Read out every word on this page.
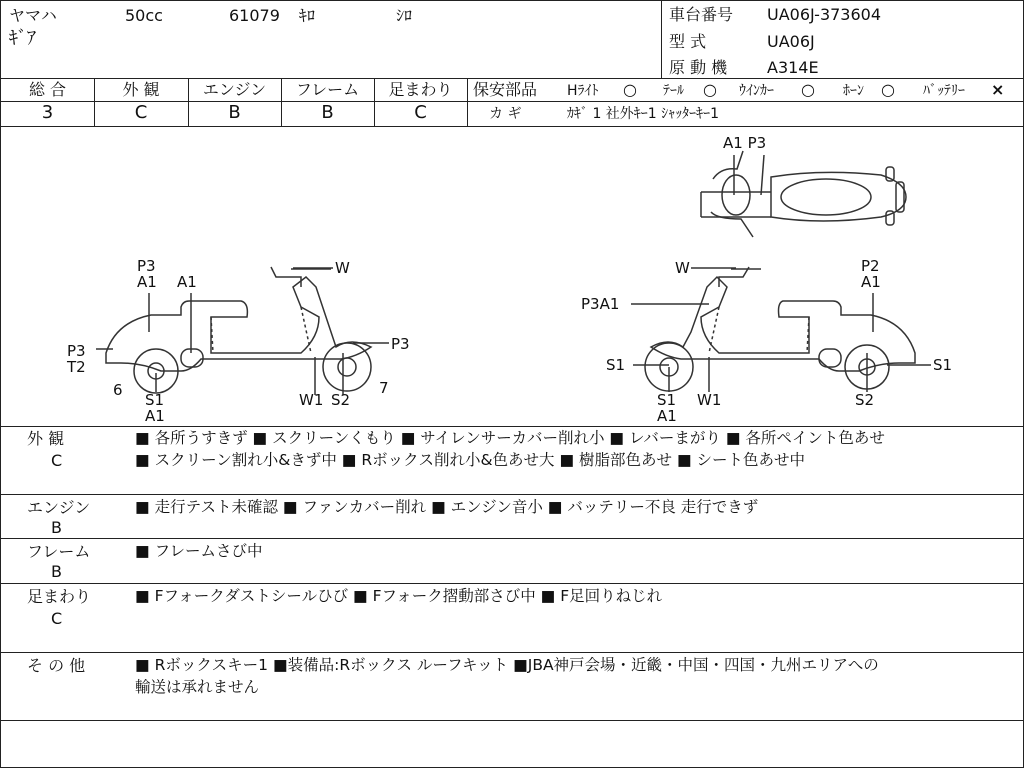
ヤマハ	50cc	61079 ｷﾛ	ｼﾛ
ｷﾞｱ
車台番号 UA06J-373604
型 式	UA06J
原 動 機 A314E
総 合	外 観	エンジン	フレーム	足まわり
3	C	B	B	C
保安部品 Hﾗｲﾄ ○ ﾃｰﾙ ○ ｳｲﾝｶｰ ○ ﾎｰﾝ ○ ﾊﾞｯﾃﾘｰ ×
カ ギ	ｶｷﾞ 1 社外ｷｰ1 ｼｬｯﾀｰｷｰ1
A1 P3
P3
A1 A1
W
P3
P3
T2
6
S1
A1
W1 S2
7
W	P2
A1
P3A1
S1	S1
S1
A1
W1	S2
外 観
C
■ 各所うすきず ■ スクリーンくもり ■ サイレンサーカバー削れ小 ■ レバーまがり ■ 各所ペイント色あせ
■ スクリーン割れ小&きず中 ■ Rボックス削れ小&色あせ大 ■ 樹脂部色あせ ■ シート色あせ中
エンジン
B
■ 走行テスト未確認 ■ ファンカバー削れ ■ エンジン音小 ■ バッテリー不良 走行できず
フレーム
B
■ フレームさび中
足まわり
C
■ Fフォークダストシールひび ■ Fフォーク摺動部さび中 ■ F足回りねじれ
そ の 他	■ Rボックスキー1 ■装備品:Rボックス ルーフキット ■JBA神戸会場・近畿・中国・四国・九州エリアへの
輸送は承れません
